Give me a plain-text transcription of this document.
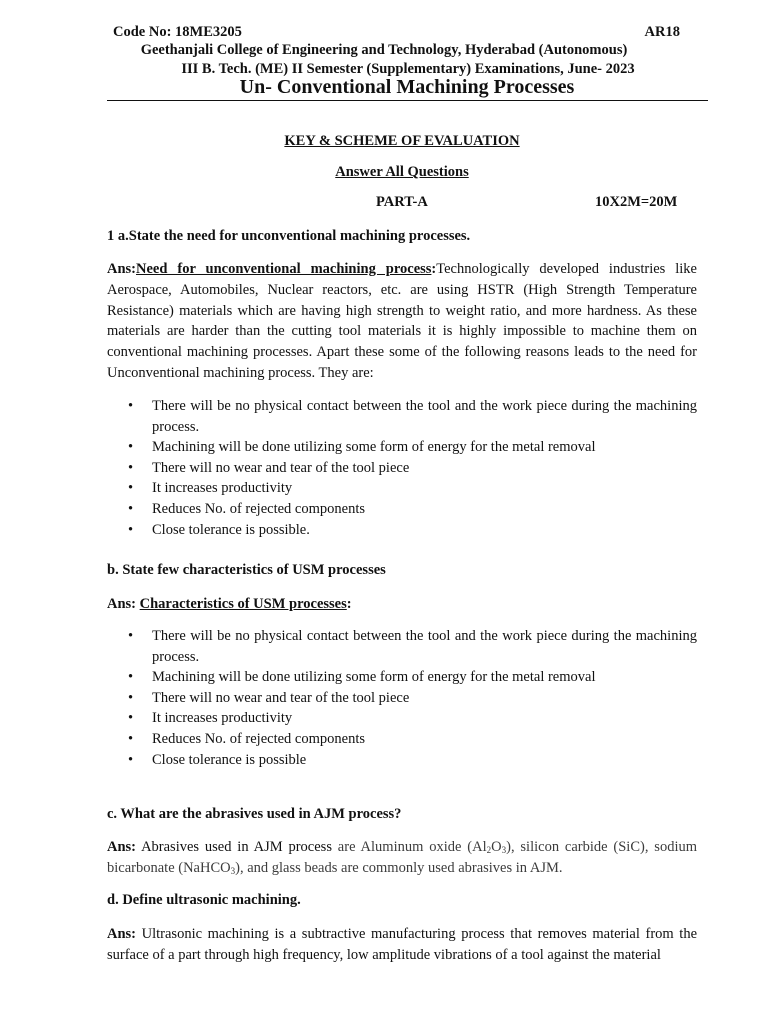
Code No: 18ME3205	AR18
Geethanjali College of Engineering and Technology, Hyderabad (Autonomous)
III B. Tech. (ME) II Semester (Supplementary) Examinations, June- 2023
Un- Conventional Machining Processes
KEY & SCHEME OF EVALUATION
Answer All Questions
PART-A	10X2M=20M
1 a.State the need for unconventional machining processes.
Ans:Need for unconventional machining process:Technologically developed industries like Aerospace, Automobiles, Nuclear reactors, etc. are using HSTR (High Strength Temperature Resistance) materials which are having high strength to weight ratio, and more hardness. As these materials are harder than the cutting tool materials it is highly impossible to machine them on conventional machining processes. Apart these some of the following reasons leads to the need for Unconventional machining process. They are:
• There will be no physical contact between the tool and the work piece during the machining process.
• Machining will be done utilizing some form of energy for the metal removal
• There will no wear and tear of the tool piece
• It increases productivity
• Reduces No. of rejected components
• Close tolerance is possible.
b. State few characteristics of USM processes
Ans: Characteristics of USM processes:
• There will be no physical contact between the tool and the work piece during the machining process.
• Machining will be done utilizing some form of energy for the metal removal
• There will no wear and tear of the tool piece
• It increases productivity
• Reduces No. of rejected components
• Close tolerance is possible
c. What are the abrasives used in AJM process?
Ans: Abrasives used in AJM process are Aluminum oxide $(Al_2O_3)$, silicon carbide (SiC), sodium bicarbonate (NaHCO$_3$), and glass beads are commonly used abrasives in AJM.
d. Define ultrasonic machining.
Ans: Ultrasonic machining is a subtractive manufacturing process that removes material from the surface of a part through high frequency, low amplitude vibrations of a tool against the material
